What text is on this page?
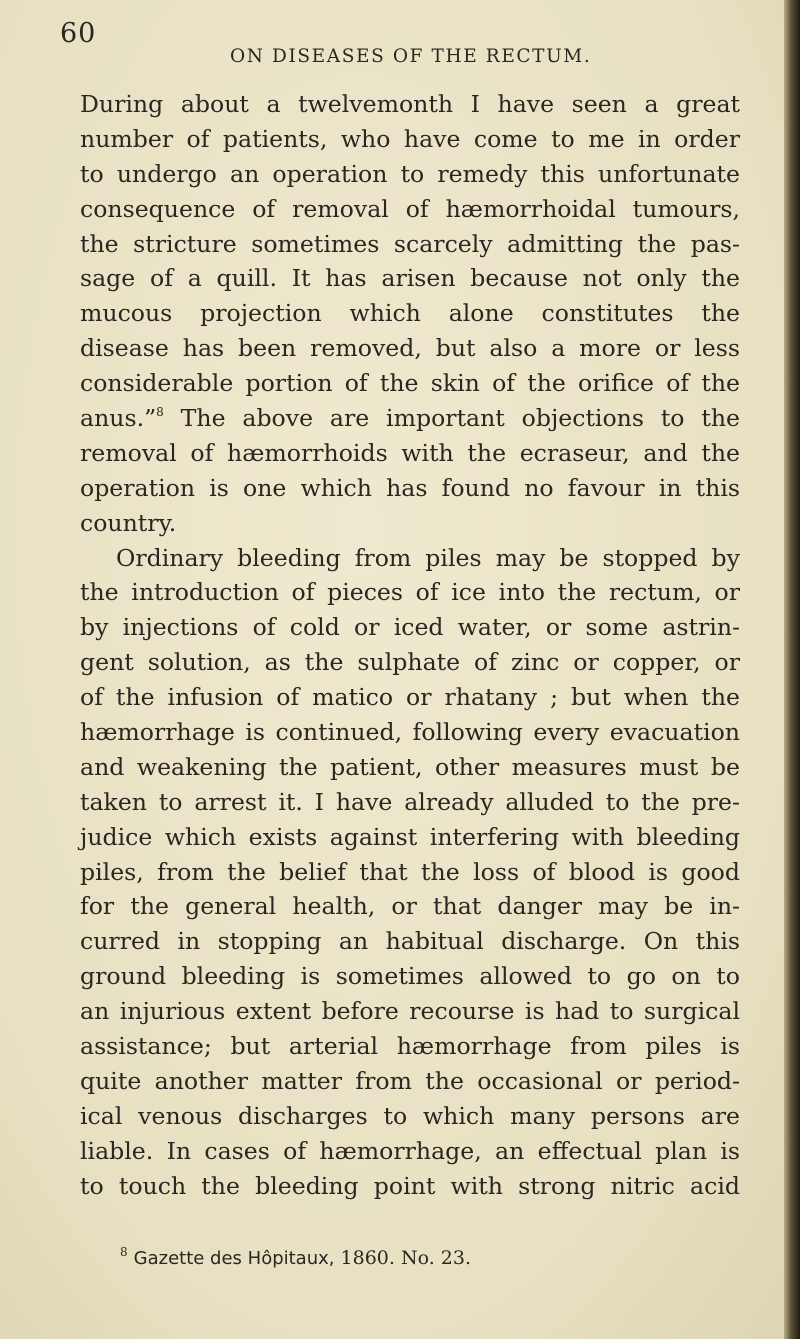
60
ON DISEASES OF THE RECTUM.
During about a twelvemonth I have seen a great
number of patients, who have come to me in order
to undergo an operation to remedy this unfortunate
consequence of removal of hæmorrhoidal tumours,
the stricture sometimes scarcely admitting the pas-
sage of a quill. It has arisen because not only the
mucous projection which alone constitutes the
disease has been removed, but also a more or less
considerable portion of the skin of the orifice of the
anus.”$^8$ The above are important objections to the
removal of hæmorrhoids with the ecraseur, and the
operation is one which has found no favour in this
country.
Ordinary bleeding from piles may be stopped by
the introduction of pieces of ice into the rectum, or
by injections of cold or iced water, or some astrin-
gent solution, as the sulphate of zinc or copper, or
of the infusion of matico or rhatany ; but when the
hæmorrhage is continued, following every evacuation
and weakening the patient, other measures must be
taken to arrest it. I have already alluded to the pre-
judice which exists against interfering with bleeding
piles, from the belief that the loss of blood is good
for the general health, or that danger may be in-
curred in stopping an habitual discharge. On this
ground bleeding is sometimes allowed to go on to
an injurious extent before recourse is had to surgical
assistance; but arterial hæmorrhage from piles is
quite another matter from the occasional or period-
ical venous discharges to which many persons are
liable. In cases of hæmorrhage, an effectual plan is
to touch the bleeding point with strong nitric acid
$^8$ Gazette des Hôpitaux, 1860. No. 23.
